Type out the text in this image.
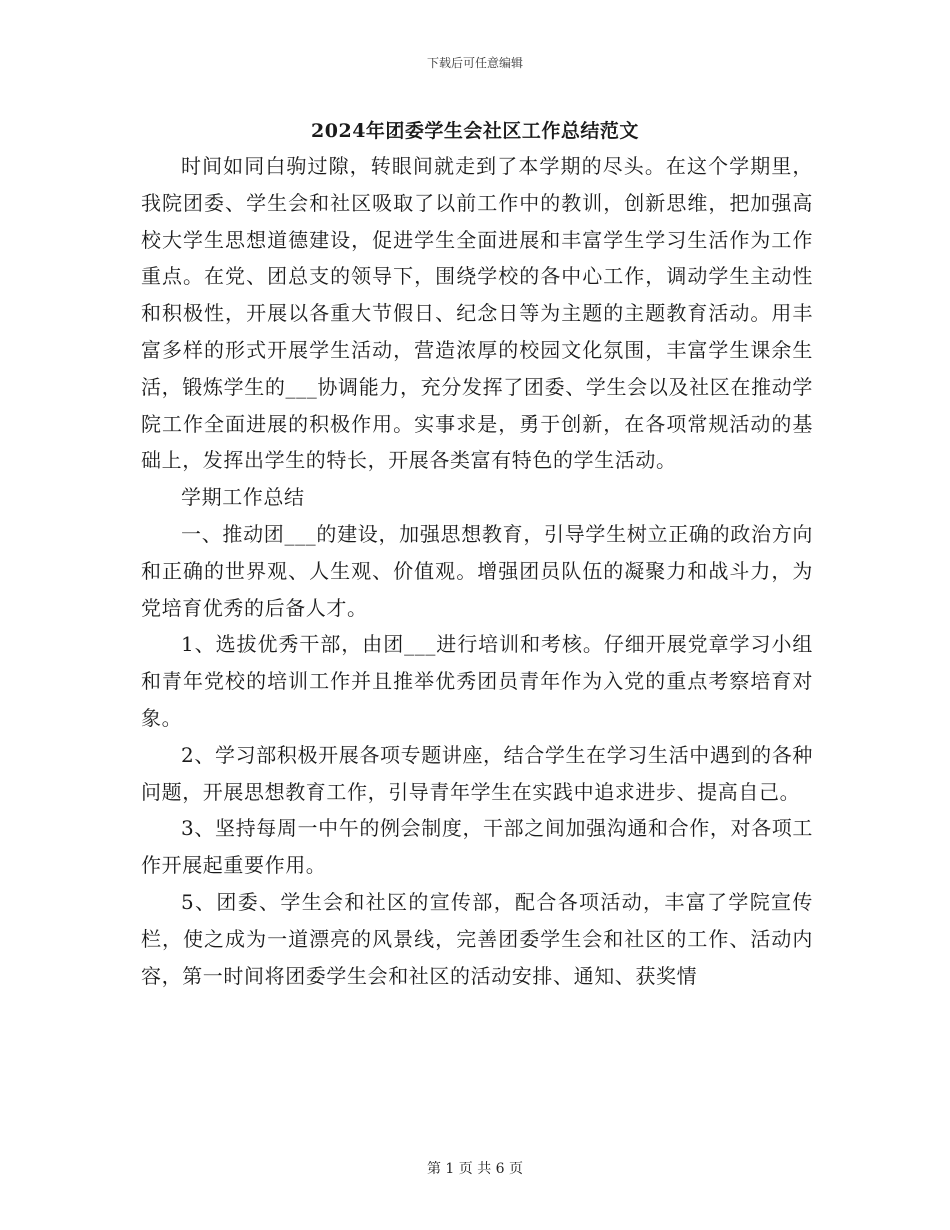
下载后可任意编辑
2024年团委学生会社区工作总结范文

时间如同白驹过隙，转眼间就走到了本学期的尽头。在这个学期里，我院团委、学生会和社区吸取了以前工作中的教训，创新思维，把加强高校大学生思想道德建设，促进学生全面进展和丰富学生学习生活作为工作重点。在党、团总支的领导下，围绕学校的各中心工作，调动学生主动性和积极性，开展以各重大节假日、纪念日等为主题的主题教育活动。用丰富多样的形式开展学生活动，营造浓厚的校园文化氛围，丰富学生课余生活，锻炼学生的___协调能力，充分发挥了团委、学生会以及社区在推动学院工作全面进展的积极作用。实事求是，勇于创新，在各项常规活动的基础上，发挥出学生的特长，开展各类富有特色的学生活动。

学期工作总结

一、推动团___的建设，加强思想教育，引导学生树立正确的政治方向和正确的世界观、人生观、价值观。增强团员队伍的凝聚力和战斗力，为党培育优秀的后备人才。

1、选拔优秀干部，由团___进行培训和考核。仔细开展党章学习小组和青年党校的培训工作并且推举优秀团员青年作为入党的重点考察培育对象。

2、学习部积极开展各项专题讲座，结合学生在学习生活中遇到的各种问题，开展思想教育工作，引导青年学生在实践中追求进步、提高自己。

3、坚持每周一中午的例会制度，干部之间加强沟通和合作，对各项工作开展起重要作用。

5、团委、学生会和社区的宣传部，配合各项活动，丰富了学院宣传栏，使之成为一道漂亮的风景线，完善团委学生会和社区的工作、活动内容，第一时间将团委学生会和社区的活动安排、通知、获奖情

第 1 页 共 6 页
